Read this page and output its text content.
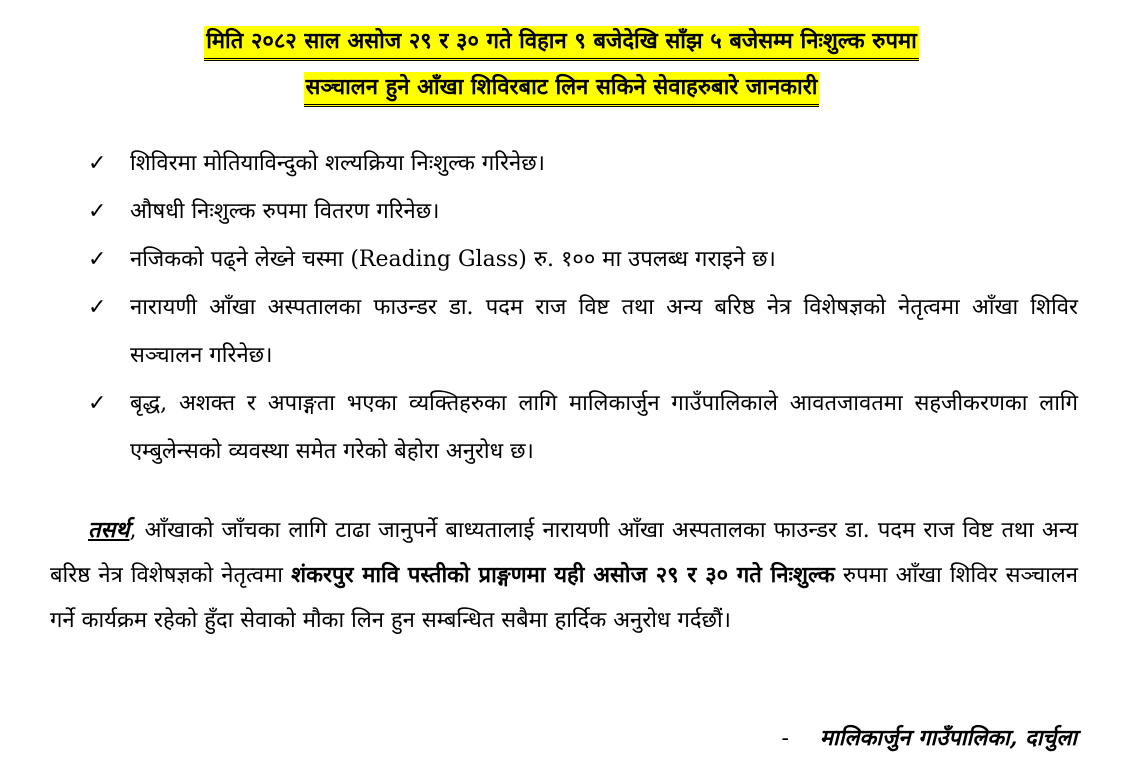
मिति २०८२ साल असोज २९ र ३० गते विहान ९ बजेदेखि साँझ ५ बजेसम्म निःशुल्क रुपमा
सञ्चालन हुने आँखा शिविरबाट लिन सकिने सेवाहरुबारे जानकारी
✓ शिविरमा मोतियाविन्दुको शल्यक्रिया निःशुल्क गरिनेछ।
✓ औषधी निःशुल्क रुपमा वितरण गरिनेछ।
✓ नजिकको पढ्ने लेख्ने चस्मा (Reading Glass) रु. १०० मा उपलब्ध गराइने छ।
✓ नारायणी आँखा अस्पतालका फाउन्डर डा. पदम राज विष्ट तथा अन्य बरिष्ठ नेत्र विशेषज्ञको नेतृत्वमा आँखा शिविर सञ्चालन गरिनेछ।
✓ बृद्ध, अशक्त र अपाङ्गता भएका व्यक्तिहरुका लागि मालिकार्जुन गाउँपालिकाले आवतजावतमा सहजीकरणका लागि एम्बुलेन्सको व्यवस्था समेत गरेको बेहोरा अनुरोध छ।

तसर्थ, आँखाको जाँचका लागि टाढा जानुपर्ने बाध्यतालाई नारायणी आँखा अस्पतालका फाउन्डर डा. पदम राज विष्ट तथा अन्य बरिष्ठ नेत्र विशेषज्ञको नेतृत्वमा शंकरपुर मावि पस्तीको प्राङ्गणमा यही असोज २९ र ३० गते निःशुल्क रुपमा आँखा शिविर सञ्चालन गर्ने कार्यक्रम रहेको हुँदा सेवाको मौका लिन हुन सम्बन्धित सबैमा हार्दिक अनुरोध गर्दछौं।

- मालिकार्जुन गाउँपालिका, दार्चुला
